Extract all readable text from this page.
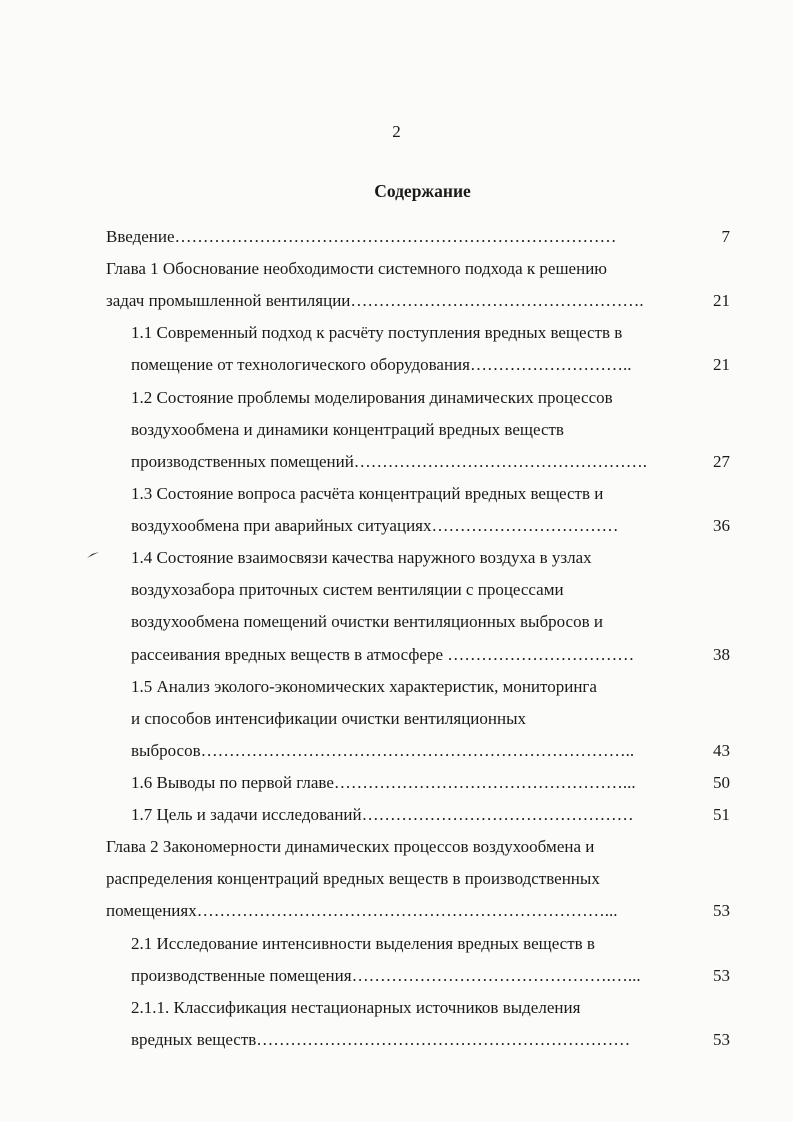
2
Содержание
Введение……………………………………………………………………	7
Глава 1 Обоснование необходимости системного подхода к решению
задач промышленной вентиляции…………………………………………….	21
1.1 Современный подход к расчёту поступления вредных веществ в
помещение от технологического оборудования………………………..	21
1.2 Состояние проблемы моделирования динамических процессов
воздухообмена и динамики концентраций вредных веществ
производственных помещений…………………………………………….	27
1.3 Состояние вопроса расчёта концентраций вредных веществ и
воздухообмена при аварийных ситуациях……………………………	36
1.4 Состояние взаимосвязи качества наружного воздуха в узлах
воздухозабора приточных систем вентиляции с процессами
воздухообмена помещений очистки вентиляционных выбросов и
рассеивания вредных веществ в атмосфере ……………………………	38
1.5 Анализ эколого-экономических характеристик, мониторинга
и способов интенсификации очистки вентиляционных
выбросов…………………………………………………………………..	43
1.6 Выводы по первой главе……………………………………………...	50
1.7 Цель и задачи исследований…………………………………………	51
Глава 2 Закономерности динамических процессов воздухообмена и
распределения концентраций вредных веществ в производственных
помещениях………………………………………………………………...	53
2.1 Исследование интенсивности выделения вредных веществ в
производственные помещения……………………………………….…...	53
2.1.1. Классификация нестационарных источников выделения
вредных веществ…………………………………………………………	53
